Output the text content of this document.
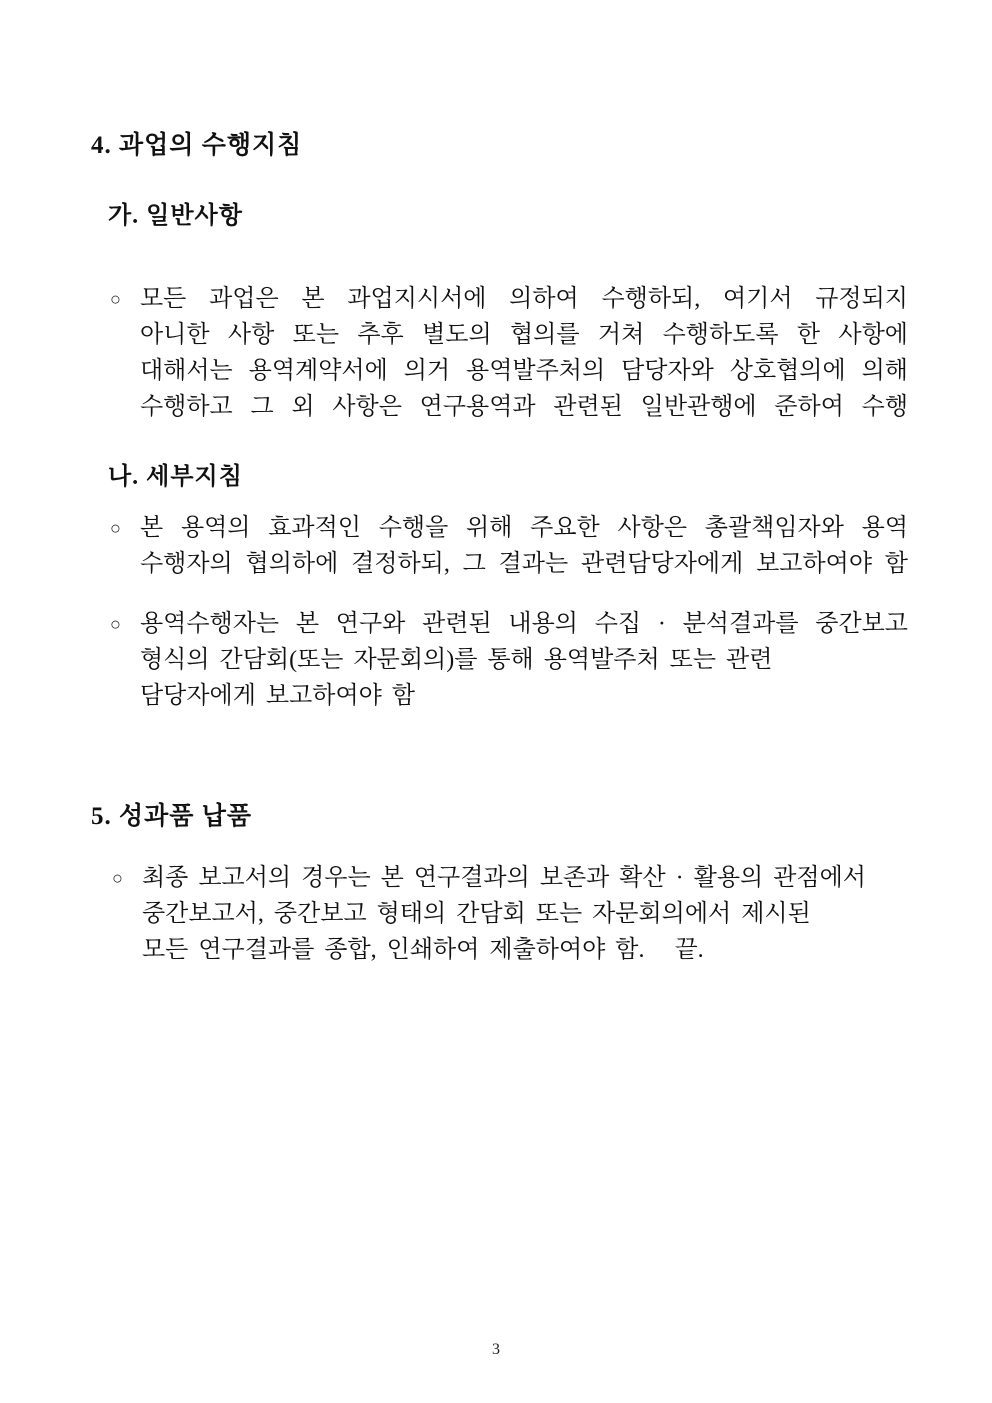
4. 과업의 수행지침
가. 일반사항
○ 모든 과업은 본 과업지시서에 의하여 수행하되, 여기서 규정되지
아니한 사항 또는 추후 별도의 협의를 거쳐 수행하도록 한 사항에
대해서는 용역계약서에 의거 용역발주처의 담당자와 상호협의에 의해
수행하고 그 외 사항은 연구용역과 관련된 일반관행에 준하여 수행
나. 세부지침
○ 본 용역의 효과적인 수행을 위해 주요한 사항은 총괄책임자와 용역
수행자의 협의하에 결정하되, 그 결과는 관련담당자에게 보고하여야 함
○ 용역수행자는 본 연구와 관련된 내용의 수집 · 분석결과를 중간보고
형식의 간담회(또는 자문회의)를 통해 용역발주처 또는 관련
담당자에게 보고하여야 함
5. 성과품 납품
○ 최종 보고서의 경우는 본 연구결과의 보존과 확산 · 활용의 관점에서
중간보고서, 중간보고 형태의 간담회 또는 자문회의에서 제시된
모든 연구결과를 종합, 인쇄하여 제출하여야 함.   끝.
3
